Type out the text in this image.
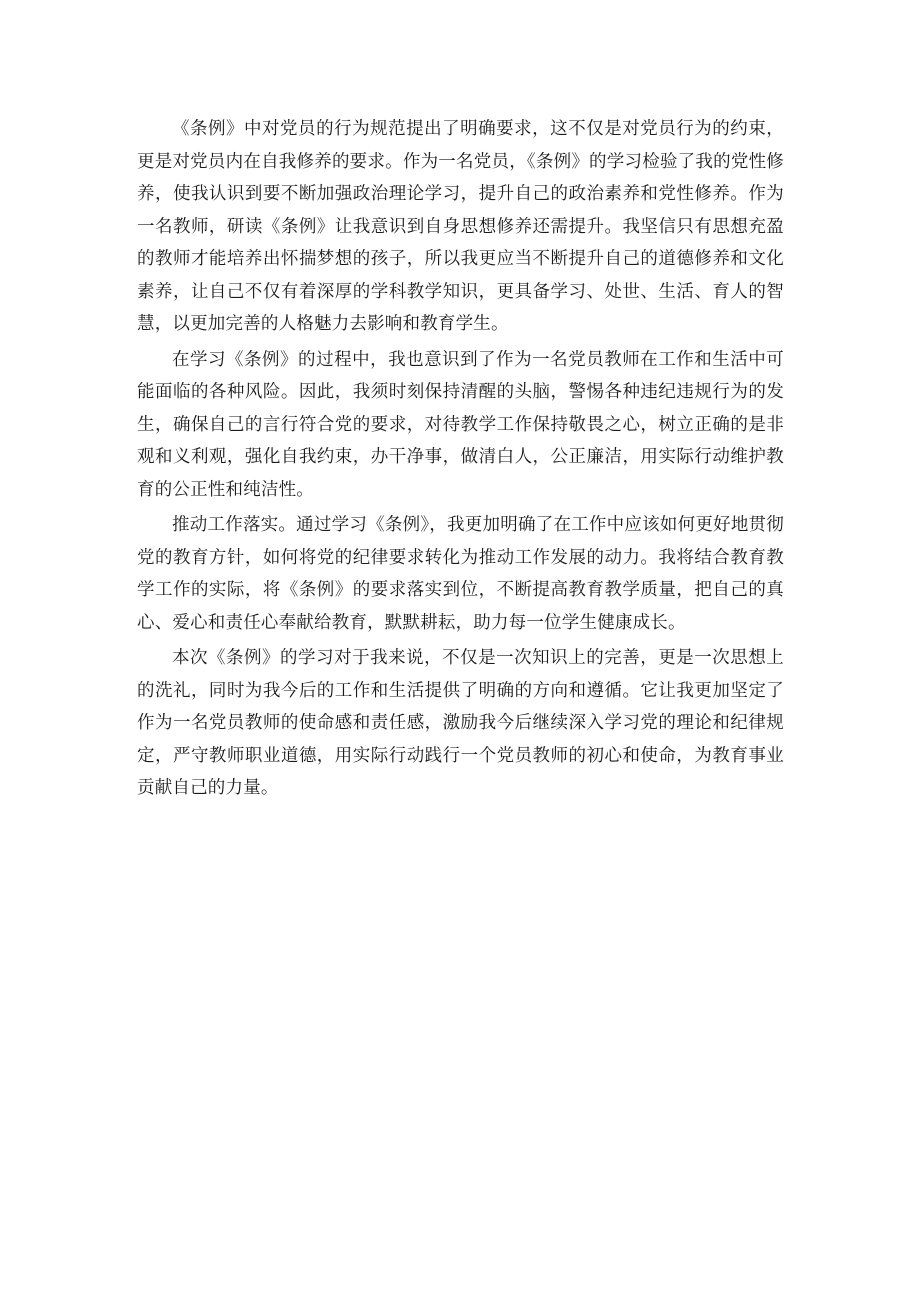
《条例》中对党员的行为规范提出了明确要求，这不仅是对党员行为的约束，更是对党员内在自我修养的要求。作为一名党员，《条例》的学习检验了我的党性修养，使我认识到要不断加强政治理论学习，提升自己的政治素养和党性修养。作为一名教师，研读《条例》让我意识到自身思想修养还需提升。我坚信只有思想充盈的教师才能培养出怀揣梦想的孩子，所以我更应当不断提升自己的道德修养和文化素养，让自己不仅有着深厚的学科教学知识，更具备学习、处世、生活、育人的智慧，以更加完善的人格魅力去影响和教育学生。

在学习《条例》的过程中，我也意识到了作为一名党员教师在工作和生活中可能面临的各种风险。因此，我须时刻保持清醒的头脑，警惕各种违纪违规行为的发生，确保自己的言行符合党的要求，对待教学工作保持敬畏之心，树立正确的是非观和义利观，强化自我约束，办干净事，做清白人，公正廉洁，用实际行动维护教育的公正性和纯洁性。

推动工作落实。通过学习《条例》，我更加明确了在工作中应该如何更好地贯彻党的教育方针，如何将党的纪律要求转化为推动工作发展的动力。我将结合教育教学工作的实际，将《条例》的要求落实到位，不断提高教育教学质量，把自己的真心、爱心和责任心奉献给教育，默默耕耘，助力每一位学生健康成长。

本次《条例》的学习对于我来说，不仅是一次知识上的完善，更是一次思想上的洗礼，同时为我今后的工作和生活提供了明确的方向和遵循。它让我更加坚定了作为一名党员教师的使命感和责任感，激励我今后继续深入学习党的理论和纪律规定，严守教师职业道德，用实际行动践行一个党员教师的初心和使命，为教育事业贡献自己的力量。
